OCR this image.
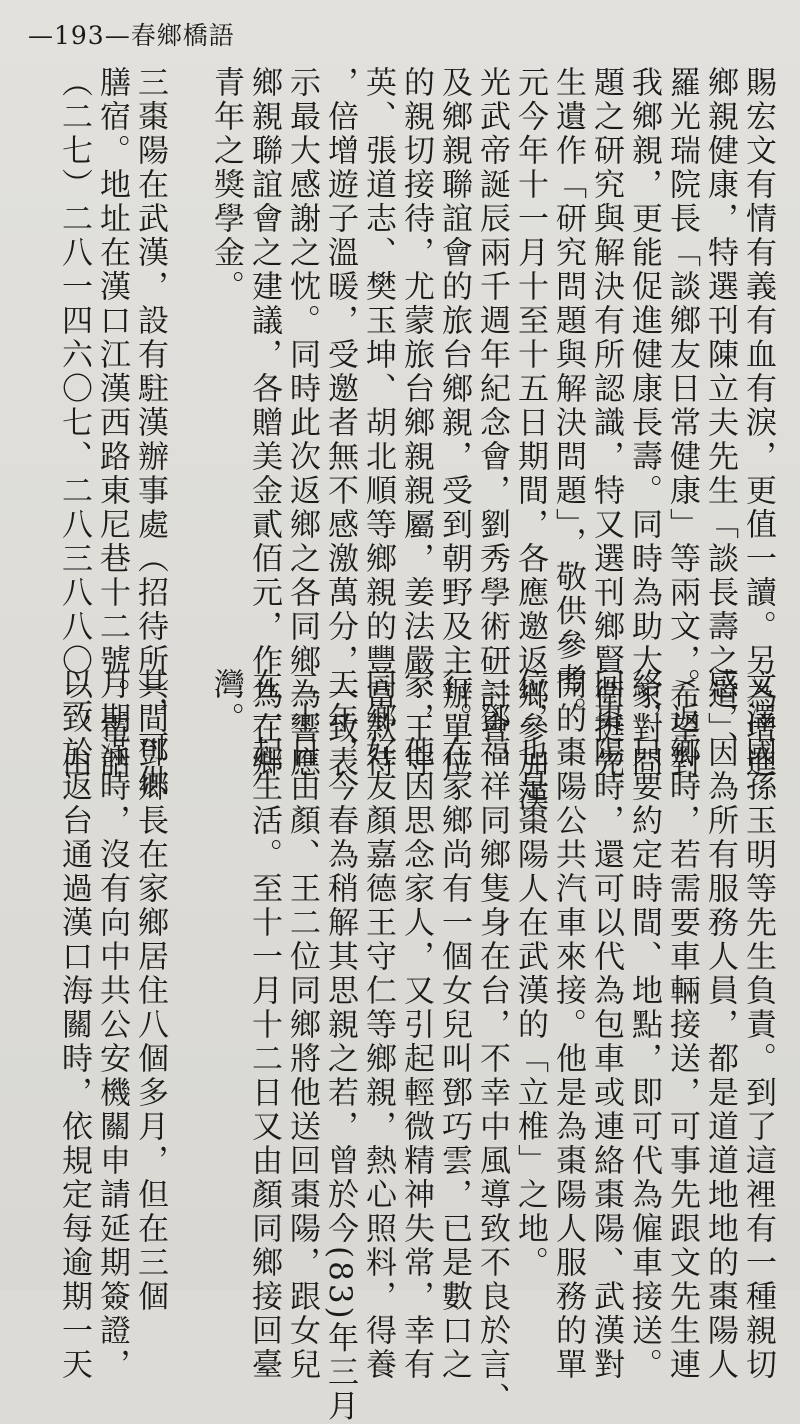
—193—春鄉橋語
賜宏文有情有義有血有淚，更值一讀。另為增進
鄉親健康，特選刊陳立夫先生「談長壽之道」、
羅光瑞院長「談鄉友日常健康」等兩文，希望對
我鄉親，更能促進健康長壽。同時為助大家對問
題之研究與解決有所認識，特又選刊鄉賢衛挺先
生遺作「研究問題與解決問題」，敬供參考。
元今年十一月十至十五日期間，各應邀返鄉參加漢
光武帝誕辰兩千週年紀念會，劉秀學術研討會，
及鄉親聯誼會的旅台鄉親，受到朝野及主辦單位
的親切接待，尤蒙旅台鄉親親屬，姜法嚴、王守
英、張道志、樊玉坤、胡北順等鄉親的豐富款待
，倍增遊子溫暖，受邀者無不感激萬分，一致表
示最大感謝之忱。同時此次返鄉之各同鄉為響應
鄉親聯誼會之建議，各贈美金貳佰元，作為在鄉
青年之獎學金。
三棗陽在武漢，設有駐漢辦事處（招待所），可供
膳宿。地址在漢口江漢西路東尼巷十二號。電話
（二七）二八一四六〇七、二八三八八〇二，由
文澤國孫玉明等先生負責。到了這裡有一種親切
感，因為所有服務人員，都是道道地地的棗陽人
。返鄉時，若需要車輛接送，可事先跟文先生連
絡，只要約定時間、地點，即可代為僱車接送。
回棗陽時，還可以代為包車或連絡棗陽、武漢對
開的棗陽公共汽車來接。他是為棗陽人服務的單
位，也是棗陽人在武漢的「立椎」之地。
三鄧福祥同鄉隻身在台，不幸中風導致不良於言、
行。在家鄉尚有一個女兒叫鄧巧雲，已是數口之
家，他因思念家人，又引起輕微精神失常，幸有
同鄉好友顏嘉德王守仁等鄉親，熱心照料，得養
天年，今春為稍解其思親之若，曾於今(83)年三月
二十日由顏、王二位同鄉將他送回棗陽，跟女兒
在一起生活。至十一月十二日又由顏同鄉接回臺
灣。
其間鄧鄉長在家鄉居住八個多月，但在三個
月期滿時，沒有向中共公安機關申請延期簽證，
以致於返台通過漢口海關時，依規定每逾期一天
